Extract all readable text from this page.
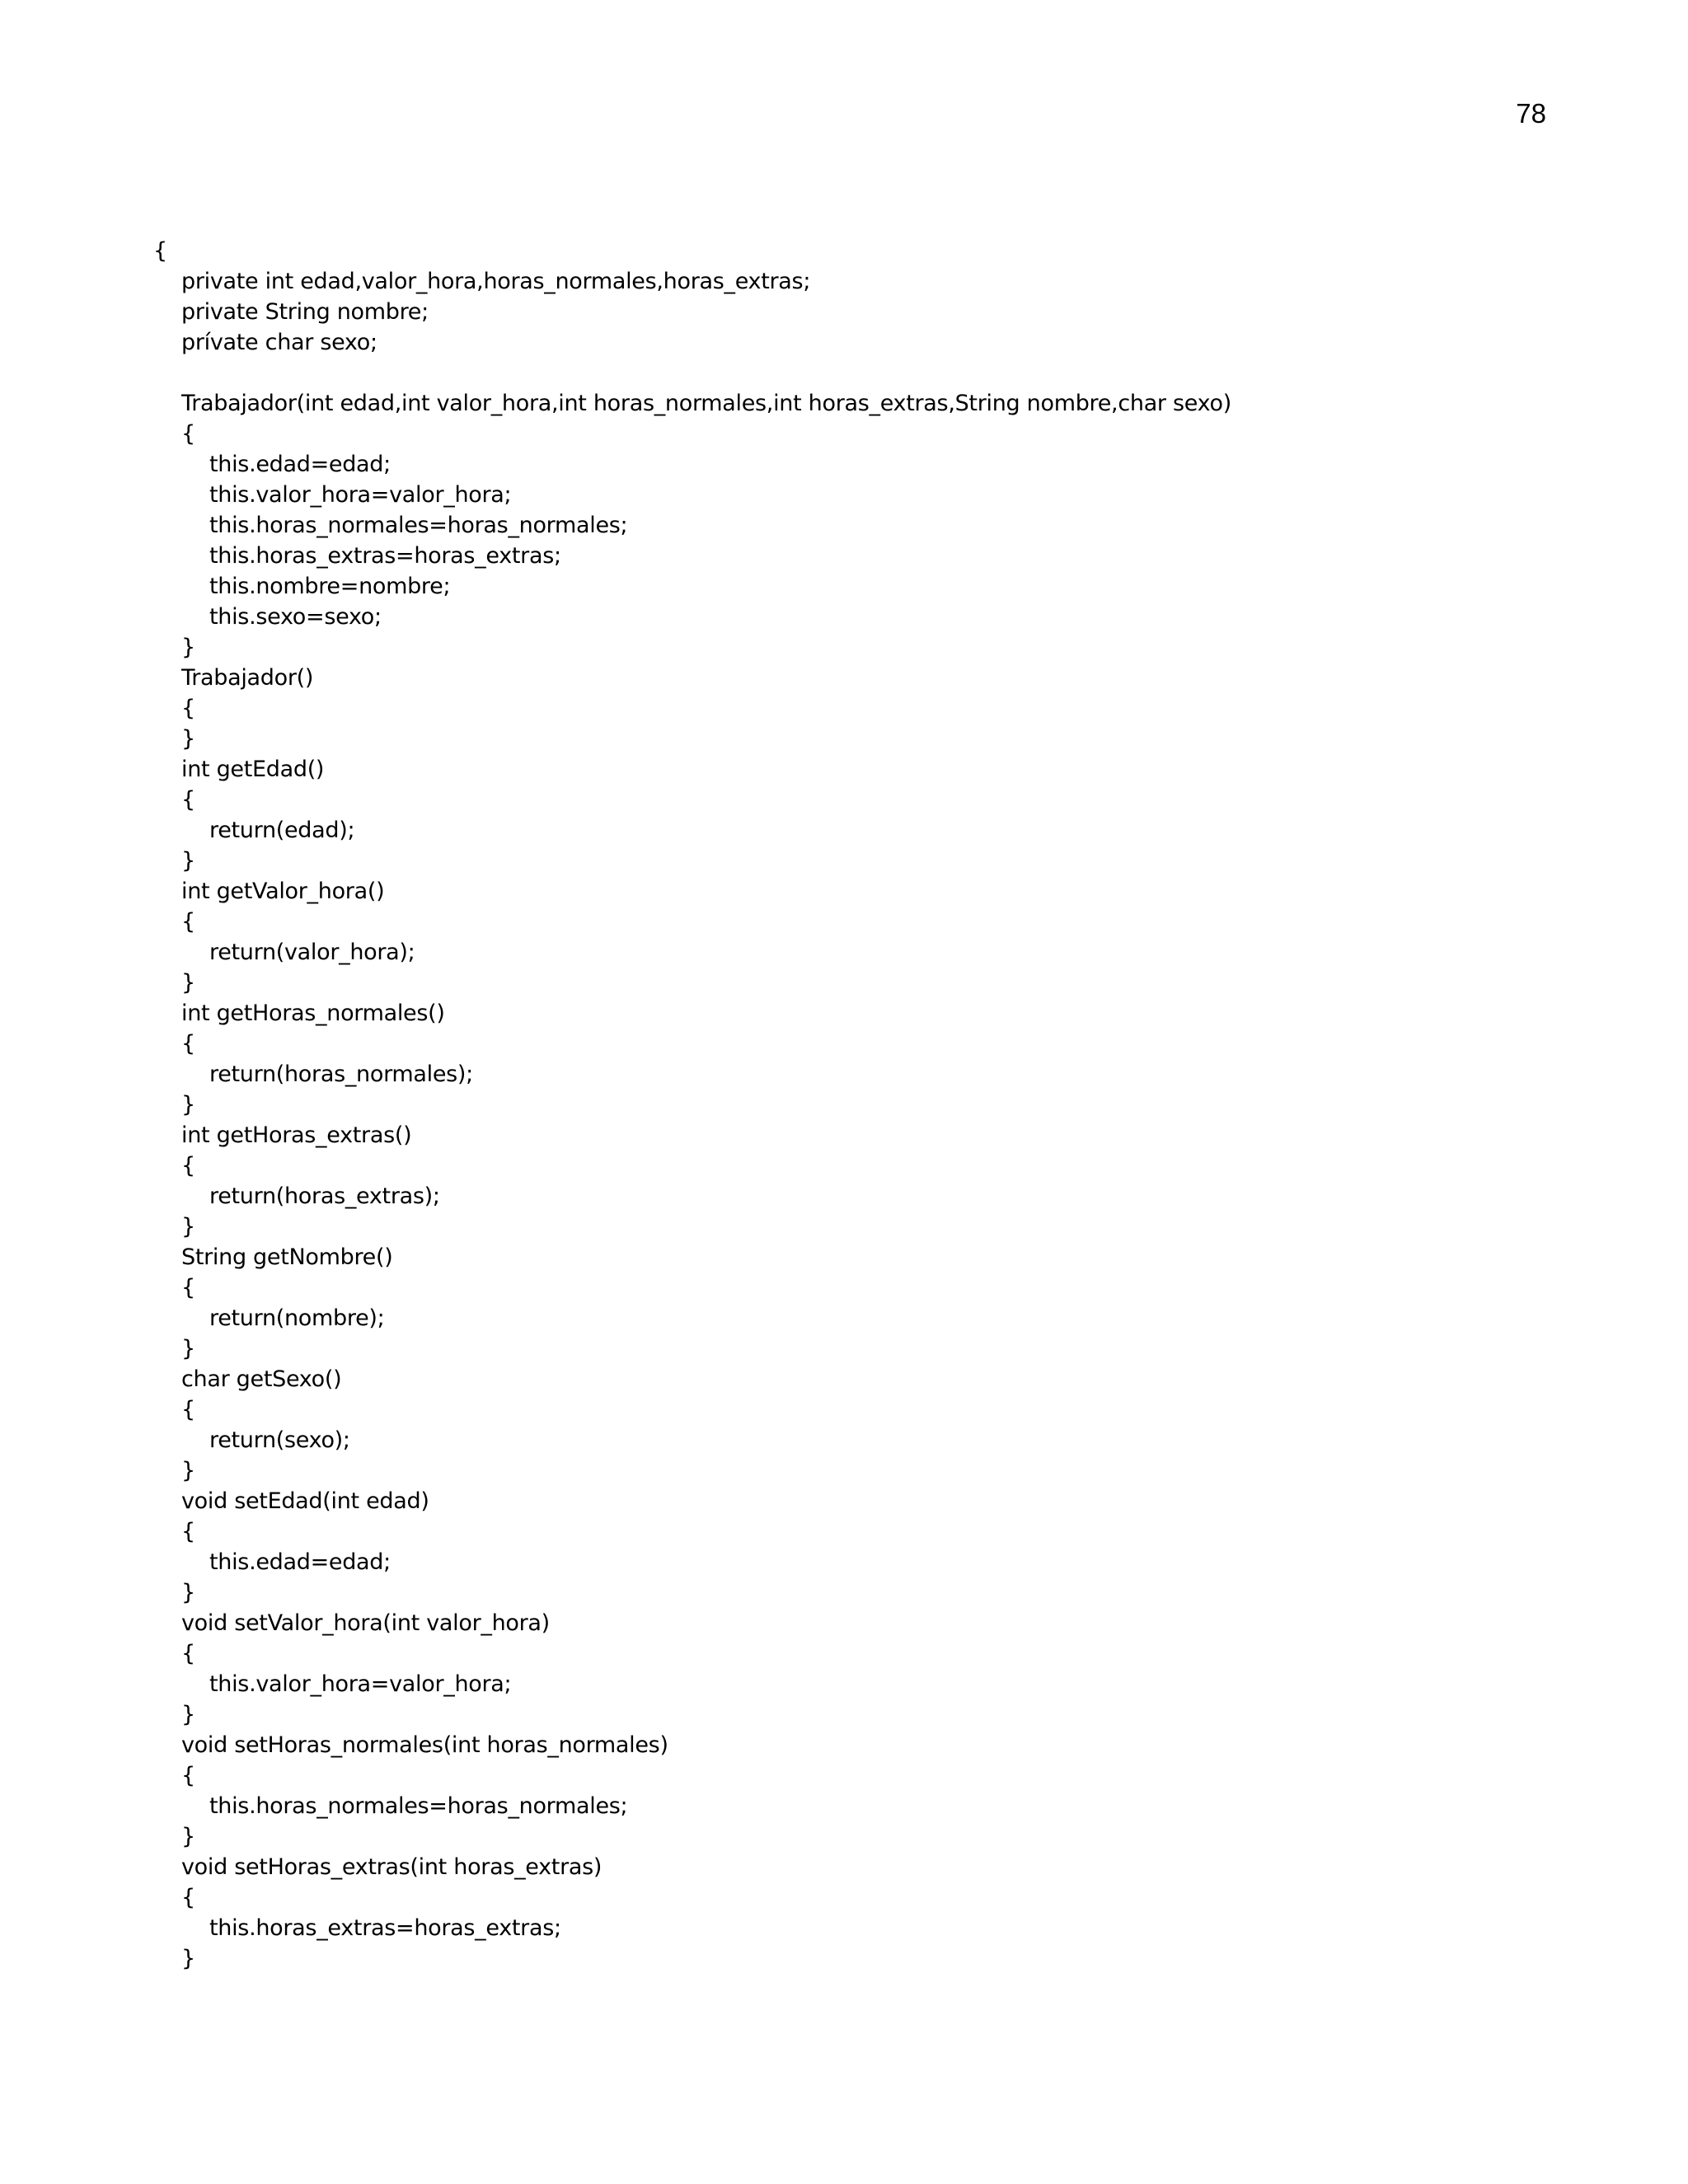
78
{
private int edad,valor_hora,horas_normales,horas_extras;
private String nombre;
prívate char sexo;
Trabajador(int edad,int valor_hora,int horas_normales,int horas_extras,String nombre,char sexo)
{
this.edad=edad;
this.valor_hora=valor_hora;
this.horas_normales=horas_normales;
this.horas_extras=horas_extras;
this.nombre=nombre;
this.sexo=sexo;
}
Trabajador()
{
}
int getEdad()
{
return(edad);
}
int getValor_hora()
{
return(valor_hora);
}
int getHoras_normales()
{
return(horas_normales);
}
int getHoras_extras()
{
return(horas_extras);
}
String getNombre()
{
return(nombre);
}
char getSexo()
{
return(sexo);
}
void setEdad(int edad)
{
this.edad=edad;
}
void setValor_hora(int valor_hora)
{
this.valor_hora=valor_hora;
}
void setHoras_normales(int horas_normales)
{
this.horas_normales=horas_normales;
}
void setHoras_extras(int horas_extras)
{
this.horas_extras=horas_extras;
}
